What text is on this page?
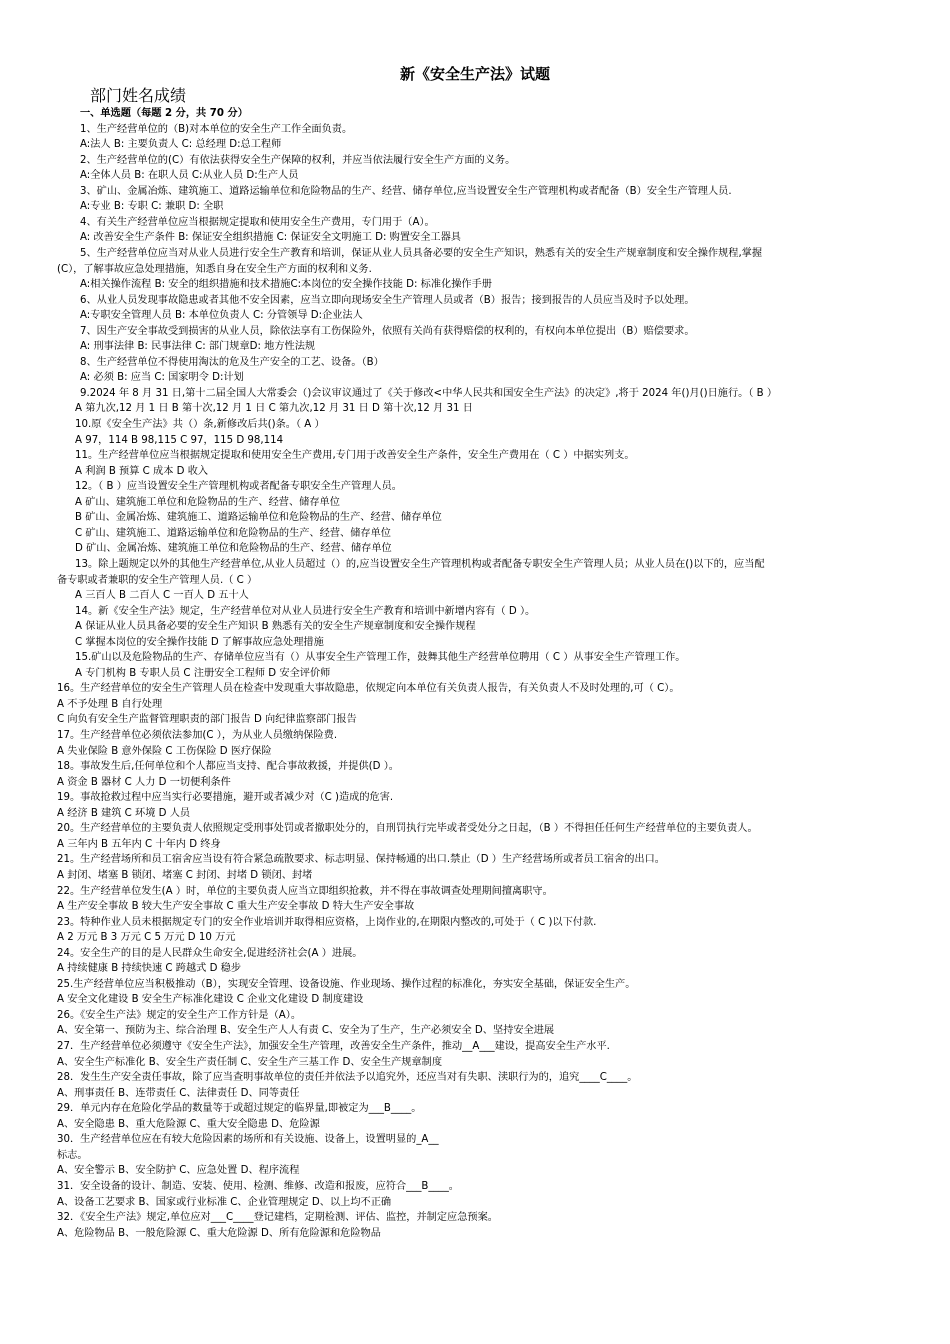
新《安全生产法》试题
部门姓名成绩
一、单选题（每题 2 分，共 70 分）
1、生产经营单位的（B)对本单位的安全生产工作全面负责。
A:法人 B: 主要负责人 C: 总经理 D:总工程师
2、生产经营单位的(C）有依法获得安全生产保障的权利，并应当依法履行安全生产方面的义务。
A:全体人员 B: 在职人员 C:从业人员 D:生产人员
3、矿山、金属冶炼、建筑施工、道路运输单位和危险物品的生产、经营、储存单位,应当设置安全生产管理机构或者配备（B）安全生产管理人员.
A:专业 B: 专职 C: 兼职 D: 全职
4、有关生产经营单位应当根据规定提取和使用安全生产费用，专门用于（A）。
A: 改善安全生产条件 B: 保证安全组织措施 C: 保证安全文明施工 D: 购置安全工器具
5、生产经营单位应当对从业人员进行安全生产教育和培训，保证从业人员具备必要的安全生产知识，熟悉有关的安全生产规章制度和安全操作规程,掌握
(C），了解事故应急处理措施，知悉自身在安全生产方面的权利和义务.
A:相关操作流程 B: 安全的组织措施和技术措施C:本岗位的安全操作技能 D: 标准化操作手册
6、从业人员发现事故隐患或者其他不安全因素，应当立即向现场安全生产管理人员或者（B）报告；接到报告的人员应当及时予以处理。
A:专职安全管理人员 B: 本单位负责人 C: 分管领导 D:企业法人
7、因生产安全事故受到损害的从业人员，除依法享有工伤保险外，依照有关尚有获得赔偿的权利的，有权向本单位提出（B）赔偿要求。
A: 刑事法律 B: 民事法律 C: 部门规章D: 地方性法规
8、生产经营单位不得使用淘汰的危及生产安全的工艺、设备。（B）
A: 必须 B: 应当 C: 国家明令 D:计划
9.2024 年 8 月 31 日,第十二届全国人大常委会（)会议审议通过了《关于修改<中华人民共和国安全生产法》的决定》,将于 2024 年()月()日施行。（ B ）
A 第九次,12 月 1 日 B 第十次,12 月 1 日 C 第九次,12 月 31 日 D 第十次,12 月 31 日
10.原《安全生产法》共（）条,新修改后共()条。（ A ）
A 97，114 B 98,115 C 97，115 D 98,114
11。生产经营单位应当根据规定提取和使用安全生产费用,专门用于改善安全生产条件，安全生产费用在（ C ）中据实列支。
A 利润 B 预算 C 成本 D 收入
12。（ B ）应当设置安全生产管理机构或者配备专职安全生产管理人员。
A 矿山、建筑施工单位和危险物品的生产、经营、储存单位
B 矿山、金属冶炼、建筑施工、道路运输单位和危险物品的生产、经营、储存单位
C 矿山、建筑施工、道路运输单位和危险物品的生产、经营、储存单位
D 矿山、金属冶炼、建筑施工单位和危险物品的生产、经营、储存单位
13。除上题规定以外的其他生产经营单位,从业人员超过（）的,应当设置安全生产管理机构或者配备专职安全生产管理人员；从业人员在()以下的，应当配
备专职或者兼职的安全生产管理人员.（ C ）
A 三百人 B 二百人 C 一百人 D 五十人
14。新《安全生产法》规定，生产经营单位对从业人员进行安全生产教育和培训中新增内容有（ D ）。
A 保证从业人员具备必要的安全生产知识 B 熟悉有关的安全生产规章制度和安全操作规程
C 掌握本岗位的安全操作技能 D 了解事故应急处理措施
15.矿山以及危险物品的生产、存储单位应当有（）从事安全生产管理工作，鼓舞其他生产经营单位聘用（ C ）从事安全生产管理工作。
A 专门机构 B 专职人员 C 注册安全工程师 D 安全评价师
16。生产经营单位的安全生产管理人员在检查中发现重大事故隐患，依规定向本单位有关负责人报告，有关负责人不及时处理的,可（ C）。
A 不予处理 B 自行处理
C 向负有安全生产监督管理职责的部门报告 D 向纪律监察部门报告
17。生产经营单位必须依法参加(C ），为从业人员缴纳保险费.
A 失业保险 B 意外保险 C 工伤保险 D 医疗保险
18。事故发生后,任何单位和个人都应当支持、配合事故救援，并提供(D ）。
A 资金 B 器材 C 人力 D 一切便利条件
19。事故抢救过程中应当实行必要措施，避开或者减少对（C )造成的危害.
A 经济 B 建筑 C 环境 D 人员
20。生产经营单位的主要负责人依照规定受刑事处罚或者撤职处分的，自刑罚执行完毕或者受处分之日起，（B ）不得担任任何生产经营单位的主要负责人。
A 三年内 B 五年内 C 十年内 D 终身
21。生产经营场所和员工宿舍应当设有符合紧急疏散要求、标志明显、保持畅通的出口.禁止（D ）生产经营场所或者员工宿舍的出口。
A 封闭、堵塞 B 锁闭、堵塞 C 封闭、封堵 D 锁闭、封堵
22。生产经营单位发生(A ）时，单位的主要负责人应当立即组织抢救，并不得在事故调查处理期间擅离职守。
A 生产安全事故 B 较大生产安全事故 C 重大生产安全事故 D 特大生产安全事故
23。特种作业人员未根据规定专门的安全作业培训并取得相应资格，上岗作业的,在期限内整改的,可处于（ C )以下付款.
A 2 万元 B 3 万元 C 5 万元 D 10 万元
24。安全生产的目的是人民群众生命安全,促进经济社会(A ）进展。
A 持续健康 B 持续快速 C 跨越式 D 稳步
25.生产经营单位应当积极推动（B），实现安全管理、设备设施、作业现场、操作过程的标准化，夯实安全基础，保证安全生产。
A 安全文化建设 B 安全生产标准化建设 C 企业文化建设 D 制度建设
26。《安全生产法》规定的安全生产工作方针是（A）。
A、安全第一、预防为主、综合治理 B、安全生产人人有责 C、安全为了生产，生产必须安全 D、坚持安全进展
27．生产经营单位必须遵守《安全生产法》，加强安全生产管理，改善安全生产条件，推动__A___建设，提高安全生产水平.
A、安全生产标准化 B、安全生产责任制 C、安全生产三基工作 D、安全生产规章制度
28．发生生产安全责任事故，除了应当查明事故单位的责任并依法予以追究外，还应当对有失职、渎职行为的，追究____C____。
A、刑事责任 B、连带责任 C、法律责任 D、同等责任
29．单元内存在危险化学品的数量等于或超过规定的临界量,即被定为___B____。
A、安全隐患 B、重大危险源 C、重大安全隐患 D、危险源
30．生产经营单位应在有较大危险因素的场所和有关设施、设备上，设置明显的_A__
标志。
A、安全警示 B、安全防护 C、应急处置 D、程序流程
31．安全设备的设计、制造、安装、使用、检测、维修、改造和报废，应符合___B____。
A、设备工艺要求 B、国家或行业标准 C、企业管理规定 D、以上均不正确
32．《安全生产法》规定,单位应对___C____登记建档，定期检测、评估、监控，并制定应急预案。
A、危险物品 B、一般危险源 C、重大危险源 D、所有危险源和危险物品
